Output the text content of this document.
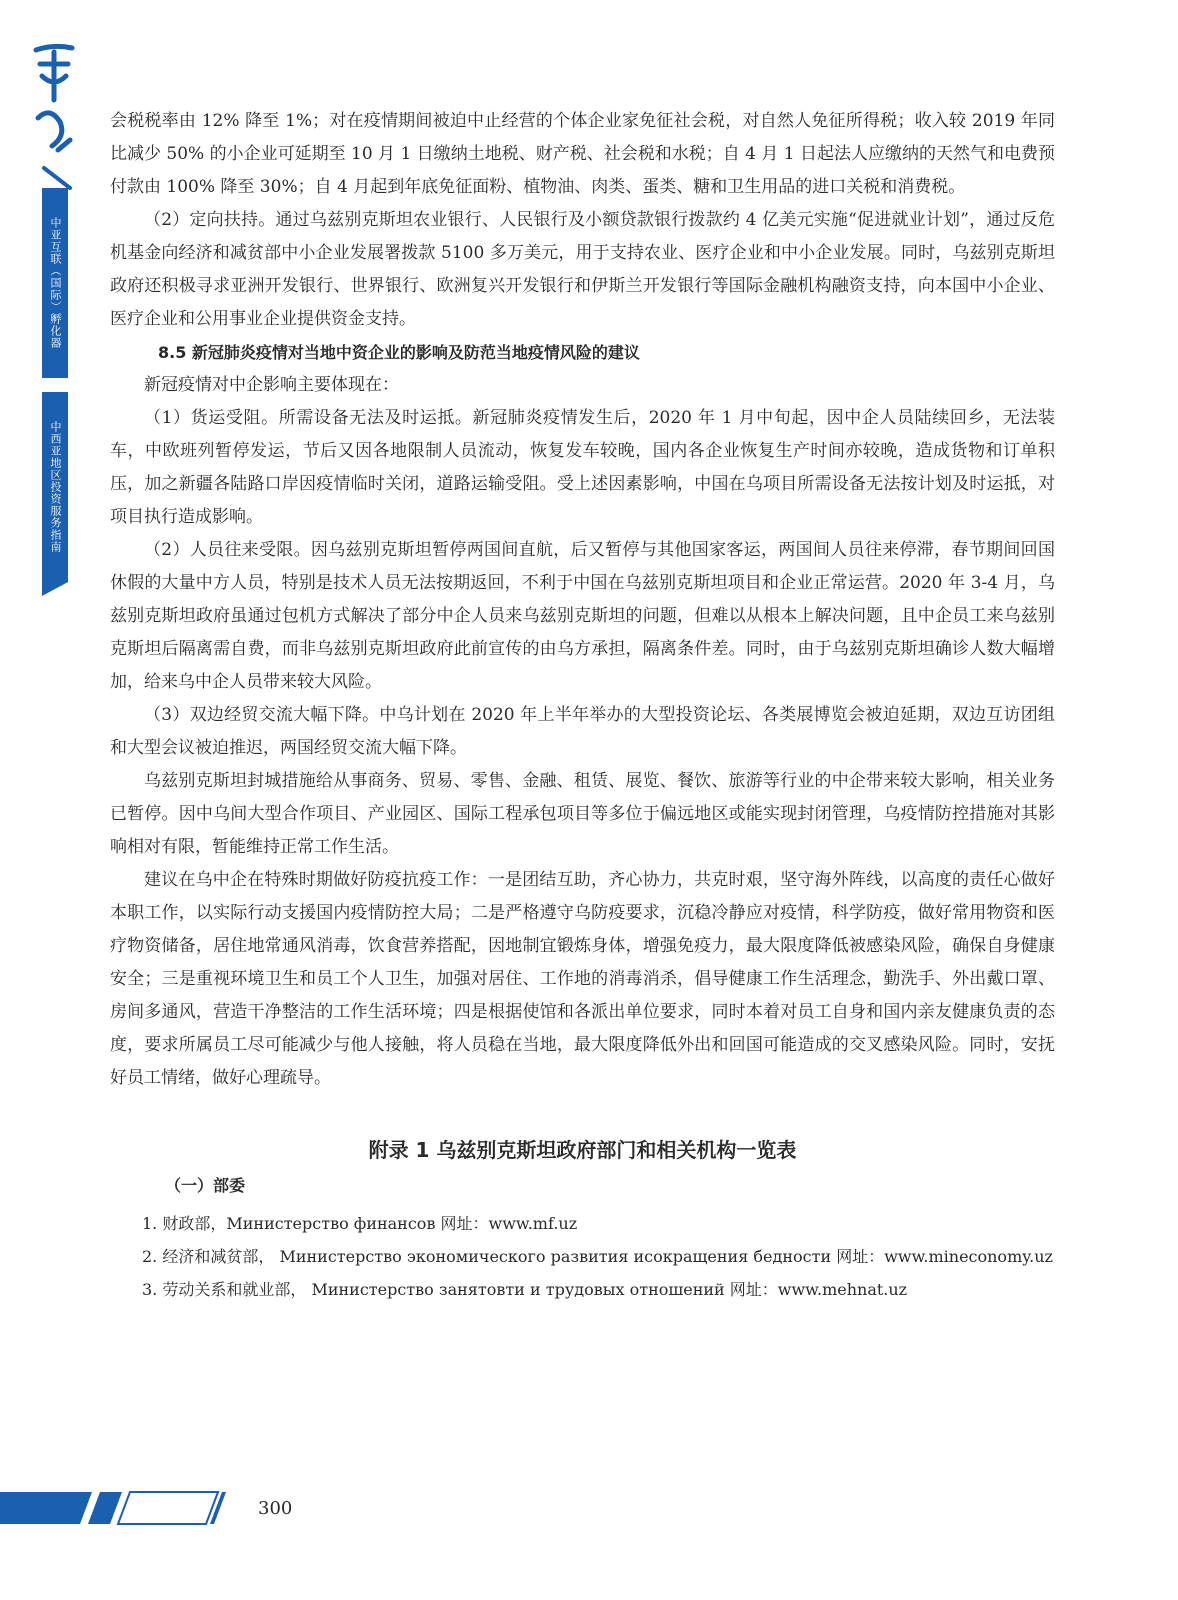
中亚互联（国际）孵化器
中西亚地区投资服务指南

会税税率由 12% 降至 1%；对在疫情期间被迫中止经营的个体企业家免征社会税，对自然人免征所得税；收入较 2019 年同比减少 50% 的小企业可延期至 10 月 1 日缴纳土地税、财产税、社会税和水税；自 4 月 1 日起法人应缴纳的天然气和电费预付款由 100% 降至 30%；自 4 月起到年底免征面粉、植物油、肉类、蛋类、糖和卫生用品的进口关税和消费税。

（2）定向扶持。通过乌兹别克斯坦农业银行、人民银行及小额贷款银行拨款约 4 亿美元实施“促进就业计划”，通过反危机基金向经济和减贫部中小企业发展署拨款 5100 多万美元，用于支持农业、医疗企业和中小企业发展。同时，乌兹别克斯坦政府还积极寻求亚洲开发银行、世界银行、欧洲复兴开发银行和伊斯兰开发银行等国际金融机构融资支持，向本国中小企业、医疗企业和公用事业企业提供资金支持。

8.5 新冠肺炎疫情对当地中资企业的影响及防范当地疫情风险的建议

新冠疫情对中企影响主要体现在：

（1）货运受阻。所需设备无法及时运抵。新冠肺炎疫情发生后，2020 年 1 月中旬起，因中企人员陆续回乡，无法装车，中欧班列暂停发运，节后又因各地限制人员流动，恢复发车较晚，国内各企业恢复生产时间亦较晚，造成货物和订单积压，加之新疆各陆路口岸因疫情临时关闭，道路运输受阻。受上述因素影响，中国在乌项目所需设备无法按计划及时运抵，对项目执行造成影响。

（2）人员往来受限。因乌兹别克斯坦暂停两国间直航，后又暂停与其他国家客运，两国间人员往来停滞，春节期间回国休假的大量中方人员，特别是技术人员无法按期返回，不利于中国在乌兹别克斯坦项目和企业正常运营。2020 年 3-4 月，乌兹别克斯坦政府虽通过包机方式解决了部分中企人员来乌兹别克斯坦的问题，但难以从根本上解决问题，且中企员工来乌兹别克斯坦后隔离需自费，而非乌兹别克斯坦政府此前宣传的由乌方承担，隔离条件差。同时，由于乌兹别克斯坦确诊人数大幅增加，给来乌中企人员带来较大风险。

（3）双边经贸交流大幅下降。中乌计划在 2020 年上半年举办的大型投资论坛、各类展博览会被迫延期，双边互访团组和大型会议被迫推迟，两国经贸交流大幅下降。

乌兹别克斯坦封城措施给从事商务、贸易、零售、金融、租赁、展览、餐饮、旅游等行业的中企带来较大影响，相关业务已暂停。因中乌间大型合作项目、产业园区、国际工程承包项目等多位于偏远地区或能实现封闭管理，乌疫情防控措施对其影响相对有限，暂能维持正常工作生活。

建议在乌中企在特殊时期做好防疫抗疫工作：一是团结互助，齐心协力，共克时艰，坚守海外阵线，以高度的责任心做好本职工作，以实际行动支援国内疫情防控大局；二是严格遵守乌防疫要求，沉稳冷静应对疫情，科学防疫，做好常用物资和医疗物资储备，居住地常通风消毒，饮食营养搭配，因地制宜锻炼身体，增强免疫力，最大限度降低被感染风险，确保自身健康安全；三是重视环境卫生和员工个人卫生，加强对居住、工作地的消毒消杀，倡导健康工作生活理念，勤洗手、外出戴口罩、房间多通风，营造干净整洁的工作生活环境；四是根据使馆和各派出单位要求，同时本着对员工自身和国内亲友健康负责的态度，要求所属员工尽可能减少与他人接触，将人员稳在当地，最大限度降低外出和回国可能造成的交叉感染风险。同时，安抚好员工情绪，做好心理疏导。

附录 1 乌兹别克斯坦政府部门和相关机构一览表
（一）部委

1. 财政部，Министерство финансов 网址：www.mf.uz

2. 经济和减贫部， Министерство экономического развития исокращения бедности 网址：www.mineconomy.uz

3. 劳动关系和就业部， Министерство занятовти и трудовых отношений 网址：www.mehnat.uz

300
